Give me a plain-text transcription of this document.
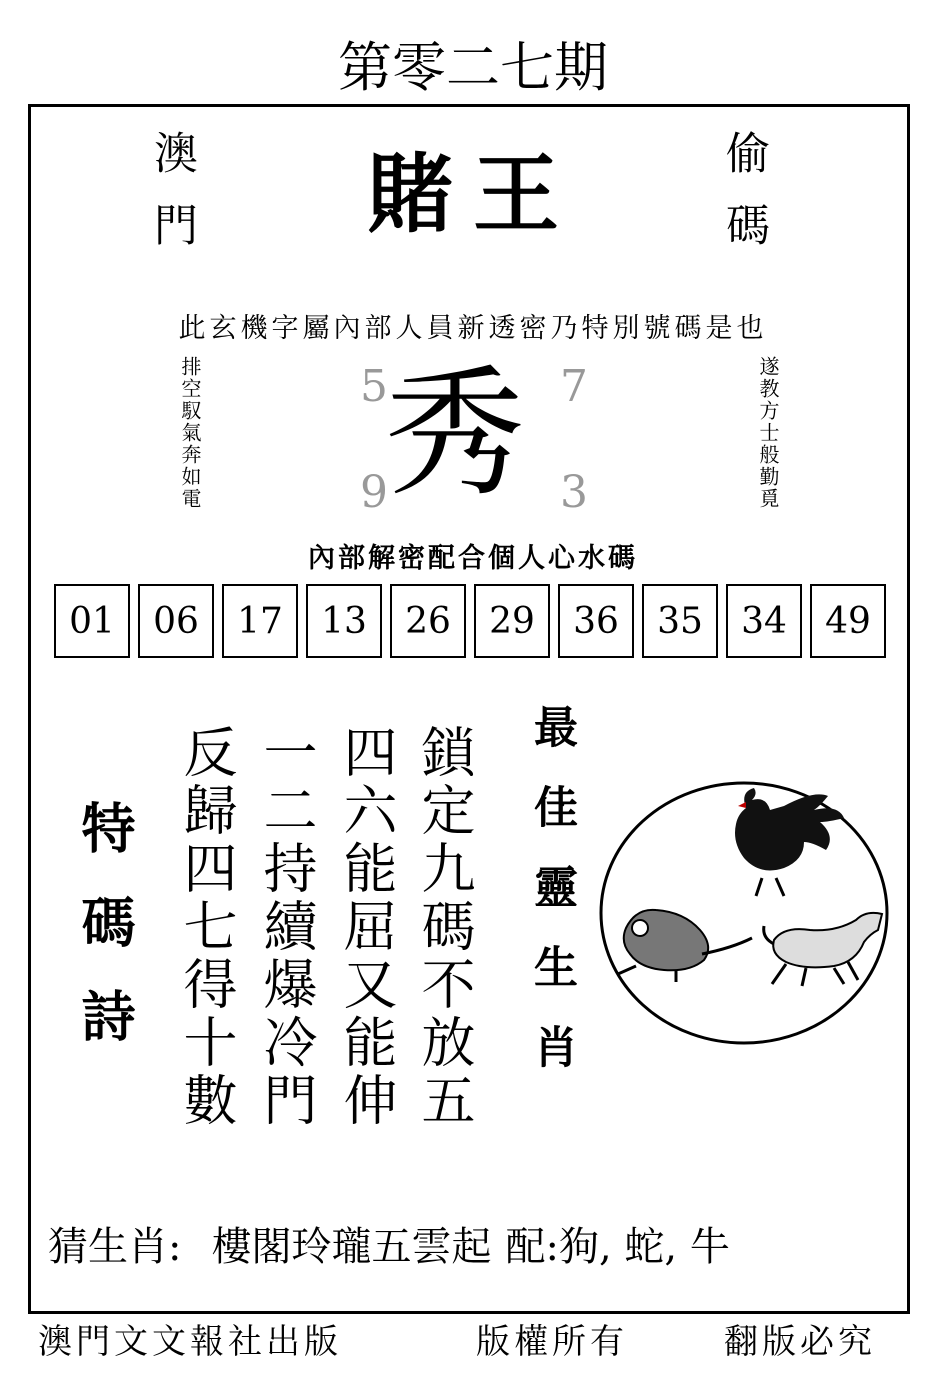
第零二七期
澳門	偷碼
賭王
此玄機字屬內部人員新透密乃特別號碼是也
排空馭氣奔如電	遂教方士般勤覓
5	7
9	3
秀
內部解密配合個人心水碼
01	06	17	13	26	29	36	35	34	49
特碼詩 反歸四七得十數 一二持續爆冷門 四六能屈又能伸 鎖定九碼不放五 最佳靈生肖
猜生肖: 樓閣玲瓏五雲起 配:狗, 蛇, 牛
澳門文文報社出版	版權所有	翻版必究
